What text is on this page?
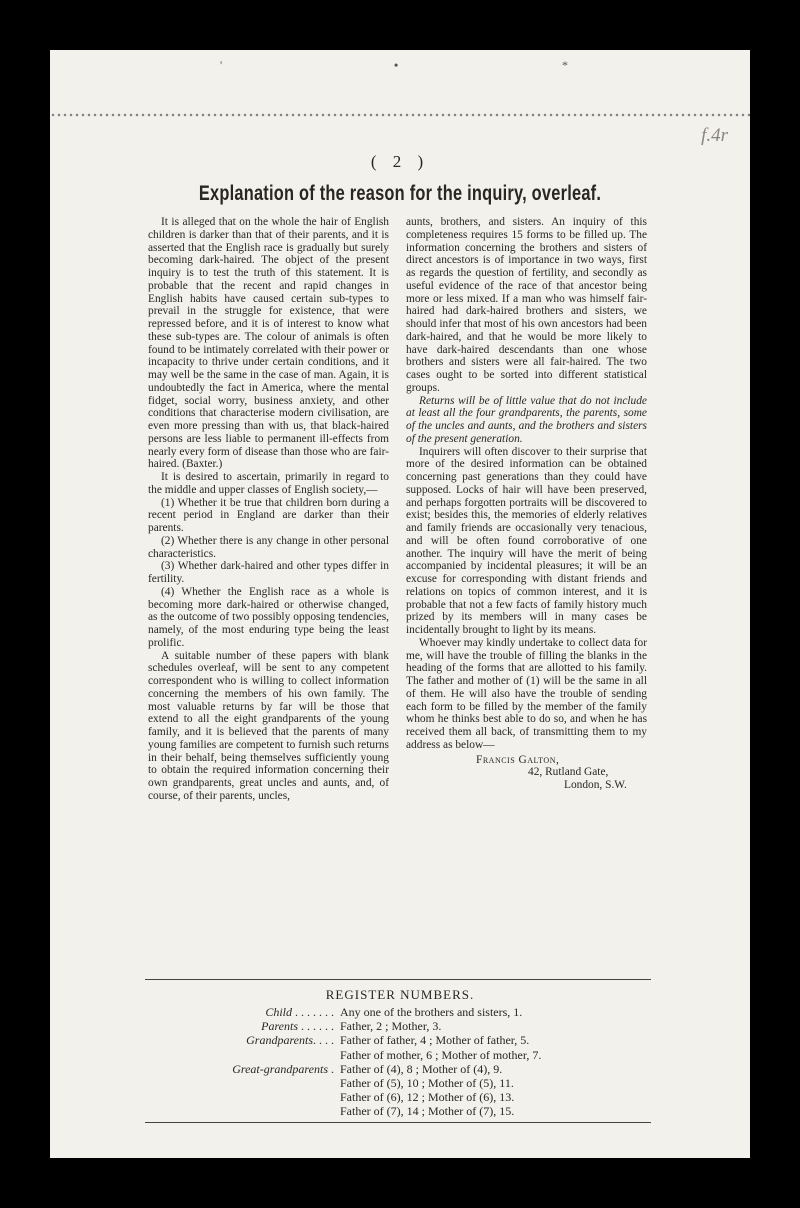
'	•	*
f.4r
( 2 )
Explanation of the reason for the inquiry, overleaf.

It is alleged that on the whole the hair of English children is darker than that of their parents, and it is asserted that the English race is gradually but surely becoming dark-haired. The object of the present inquiry is to test the truth of this statement. It is probable that the recent and rapid changes in English habits have caused certain sub-types to prevail in the struggle for existence, that were repressed before, and it is of interest to know what these sub-types are. The colour of animals is often found to be intimately correlated with their power or incapacity to thrive under certain conditions, and it may well be the same in the case of man. Again, it is undoubtedly the fact in America, where the mental fidget, social worry, business anxiety, and other conditions that characterise modern civilisation, are even more pressing than with us, that black-haired persons are less liable to permanent ill-effects from nearly every form of disease than those who are fair-haired. (Baxter.)

It is desired to ascertain, primarily in regard to the middle and upper classes of English society,—

(1) Whether it be true that children born during a recent period in England are darker than their parents.

(2) Whether there is any change in other personal characteristics.

(3) Whether dark-haired and other types differ in fertility.

(4) Whether the English race as a whole is becoming more dark-haired or otherwise changed, as the outcome of two possibly opposing tendencies, namely, of the most enduring type being the least prolific.

A suitable number of these papers with blank schedules overleaf, will be sent to any competent correspondent who is willing to collect information concerning the members of his own family. The most valuable returns by far will be those that extend to all the eight grandparents of the young family, and it is believed that the parents of many young families are competent to furnish such returns in their behalf, being themselves sufficiently young to obtain the required information concerning their own grandparents, great uncles and aunts, and, of course, of their parents, uncles,

aunts, brothers, and sisters. An inquiry of this completeness requires 15 forms to be filled up. The information concerning the brothers and sisters of direct ancestors is of importance in two ways, first as regards the question of fertility, and secondly as useful evidence of the race of that ancestor being more or less mixed. If a man who was himself fair-haired had dark-haired brothers and sisters, we should infer that most of his own ancestors had been dark-haired, and that he would be more likely to have dark-haired descendants than one whose brothers and sisters were all fair-haired. The two cases ought to be sorted into different statistical groups.

Returns will be of little value that do not include at least all the four grandparents, the parents, some of the uncles and aunts, and the brothers and sisters of the present generation.

Inquirers will often discover to their surprise that more of the desired information can be obtained concerning past generations than they could have supposed. Locks of hair will have been preserved, and perhaps forgotten portraits will be discovered to exist; besides this, the memories of elderly relatives and family friends are occasionally very tenacious, and will be often found corroborative of one another. The inquiry will have the merit of being accompanied by incidental pleasures; it will be an excuse for corresponding with distant friends and relations on topics of common interest, and it is probable that not a few facts of family history much prized by its members will in many cases be incidentally brought to light by its means.

Whoever may kindly undertake to collect data for me, will have the trouble of filling the blanks in the heading of the forms that are allotted to his family. The father and mother of (1) will be the same in all of them. He will also have the trouble of sending each form to be filled by the member of the family whom he thinks best able to do so, and when he has received them all back, of transmitting them to my address as below—

Francis Galton,
42, Rutland Gate,
London, S.W.
REGISTER NUMBERS.
Child . . . . . . . Any one of the brothers and sisters, 1.
Parents . . . . . . Father, 2 ; Mother, 3.
Grandparents. . . . Father of father, 4 ; Mother of father, 5.
Father of mother, 6 ; Mother of mother, 7.
Great-grandparents . Father of (4), 8 ; Mother of (4), 9.
Father of (5), 10 ; Mother of (5), 11.
Father of (6), 12 ; Mother of (6), 13.
Father of (7), 14 ; Mother of (7), 15.
